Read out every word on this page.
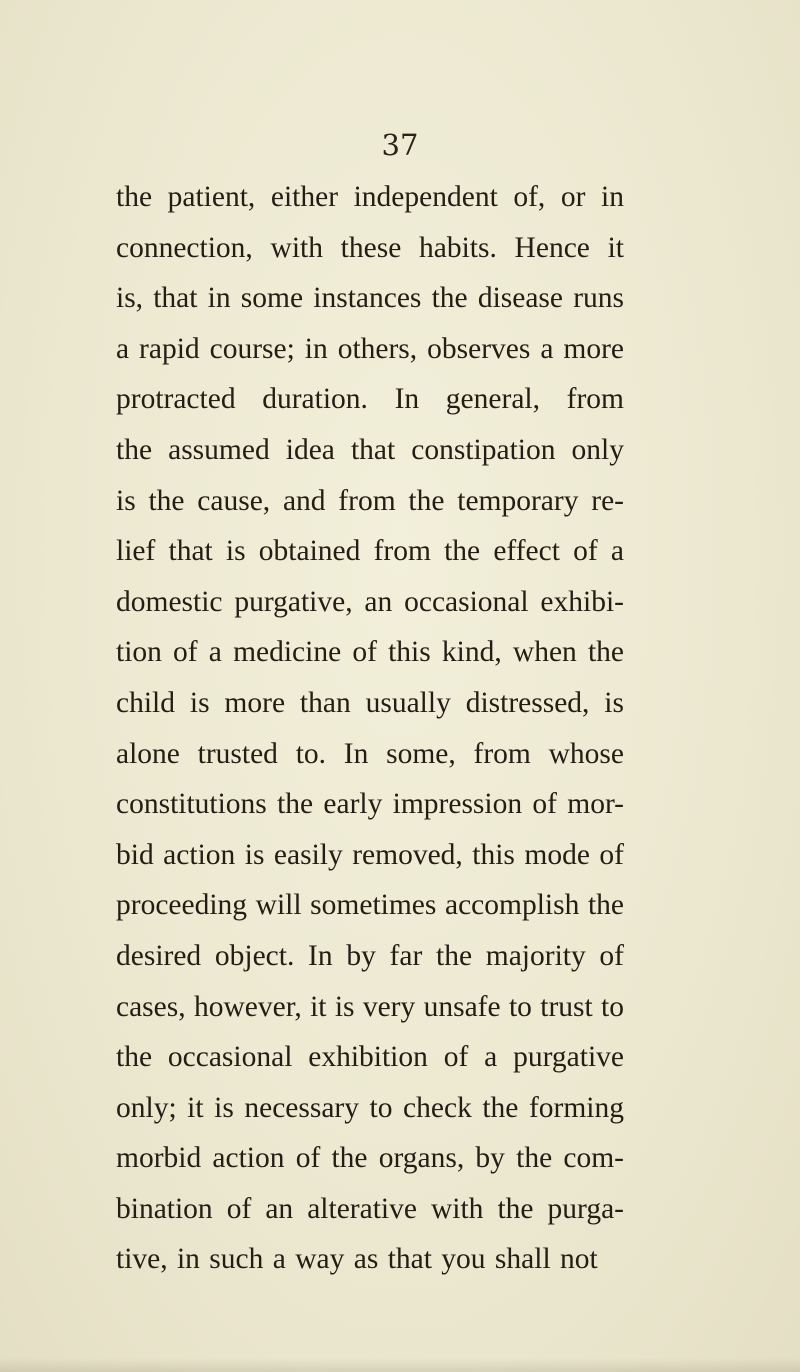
37
the patient, either independent of, or in
connection, with these habits. Hence it
is, that in some instances the disease runs
a rapid course; in others, observes a more
protracted duration. In general, from
the assumed idea that constipation only
is the cause, and from the temporary re-
lief that is obtained from the effect of a
domestic purgative, an occasional exhibi-
tion of a medicine of this kind, when the
child is more than usually distressed, is
alone trusted to. In some, from whose
constitutions the early impression of mor-
bid action is easily removed, this mode of
proceeding will sometimes accomplish the
desired object. In by far the majority of
cases, however, it is very unsafe to trust to
the occasional exhibition of a purgative
only; it is necessary to check the forming
morbid action of the organs, by the com-
bination of an alterative with the purga-
tive, in such a way as that you shall not
